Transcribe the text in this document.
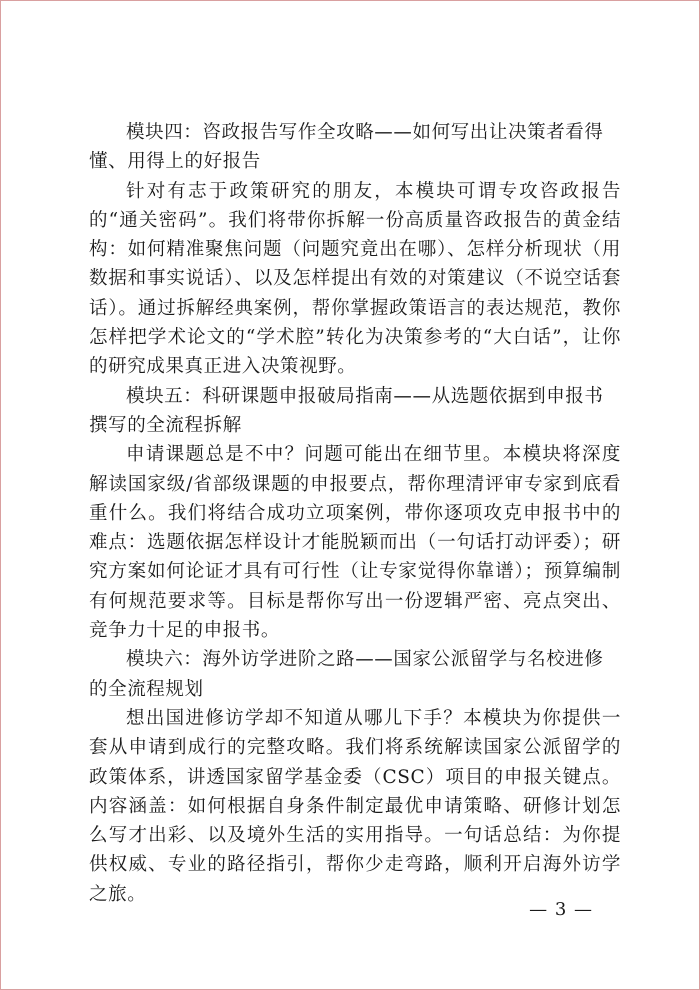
模块四：咨政报告写作全攻略——如何写出让决策者看得懂、用得上的好报告

针对有志于政策研究的朋友，本模块可谓专攻咨政报告的“通关密码”。我们将带你拆解一份高质量咨政报告的黄金结构：如何精准聚焦问题（问题究竟出在哪）、怎样分析现状（用数据和事实说话）、以及怎样提出有效的对策建议（不说空话套话）。通过拆解经典案例，帮你掌握政策语言的表达规范，教你怎样把学术论文的“学术腔”转化为决策参考的“大白话”，让你的研究成果真正进入决策视野。

模块五：科研课题申报破局指南——从选题依据到申报书撰写的全流程拆解

申请课题总是不中？问题可能出在细节里。本模块将深度解读国家级/省部级课题的申报要点，帮你理清评审专家到底看重什么。我们将结合成功立项案例，带你逐项攻克申报书中的难点：选题依据怎样设计才能脱颖而出（一句话打动评委）；研究方案如何论证才具有可行性（让专家觉得你靠谱）；预算编制有何规范要求等。目标是帮你写出一份逻辑严密、亮点突出、竞争力十足的申报书。

模块六：海外访学进阶之路——国家公派留学与名校进修的全流程规划

想出国进修访学却不知道从哪儿下手？本模块为你提供一套从申请到成行的完整攻略。我们将系统解读国家公派留学的政策体系，讲透国家留学基金委（CSC）项目的申报关键点。内容涵盖：如何根据自身条件制定最优申请策略、研修计划怎么写才出彩、以及境外生活的实用指导。一句话总结：为你提供权威、专业的路径指引，帮你少走弯路，顺利开启海外访学之旅。

— 3 —
